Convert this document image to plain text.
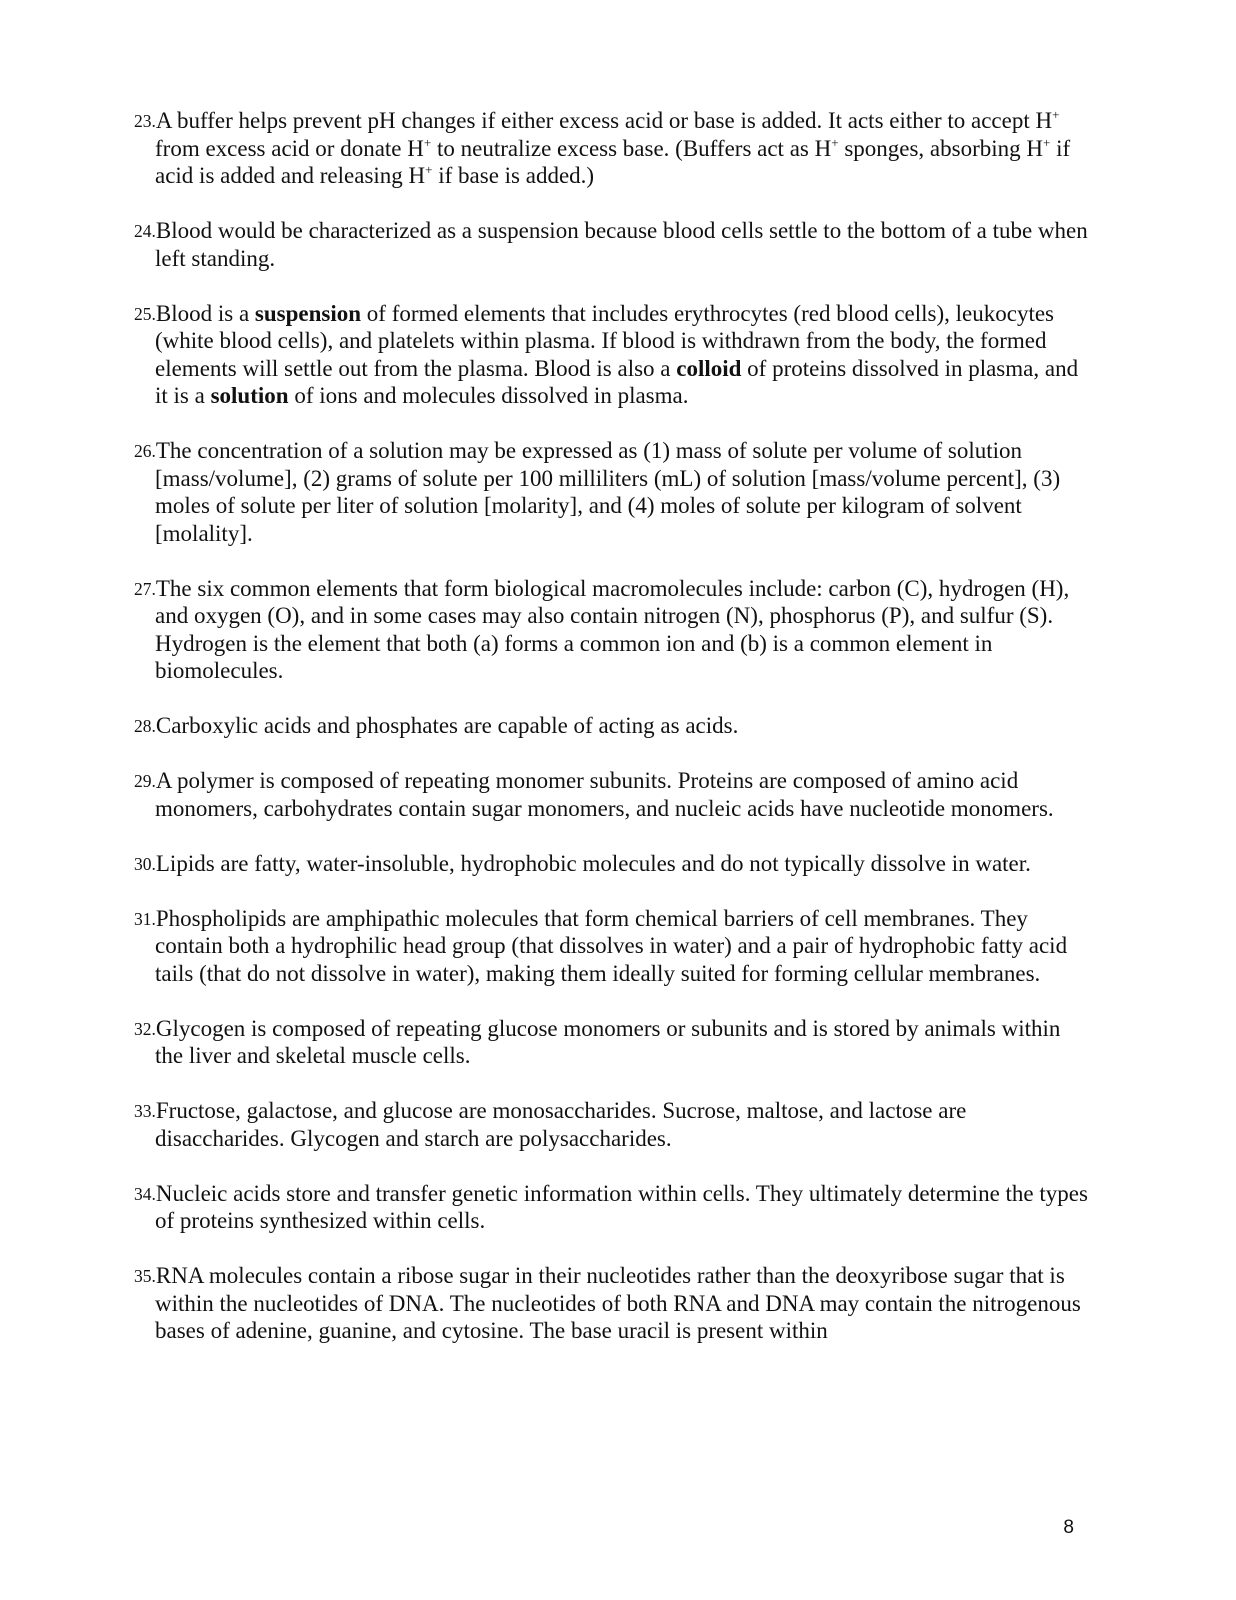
23. A buffer helps prevent pH changes if either excess acid or base is added. It acts either to accept H+ from excess acid or donate H+ to neutralize excess base. (Buffers act as H+ sponges, absorbing H+ if acid is added and releasing H+ if base is added.)
24. Blood would be characterized as a suspension because blood cells settle to the bottom of a tube when left standing.
25. Blood is a suspension of formed elements that includes erythrocytes (red blood cells), leukocytes (white blood cells), and platelets within plasma. If blood is withdrawn from the body, the formed elements will settle out from the plasma. Blood is also a colloid of proteins dissolved in plasma, and it is a solution of ions and molecules dissolved in plasma.
26. The concentration of a solution may be expressed as (1) mass of solute per volume of solution [mass/volume], (2) grams of solute per 100 milliliters (mL) of solution [mass/volume percent], (3) moles of solute per liter of solution [molarity], and (4) moles of solute per kilogram of solvent [molality].
27. The six common elements that form biological macromolecules include: carbon (C), hydrogen (H), and oxygen (O), and in some cases may also contain nitrogen (N), phosphorus (P), and sulfur (S). Hydrogen is the element that both (a) forms a common ion and (b) is a common element in biomolecules.
28. Carboxylic acids and phosphates are capable of acting as acids.
29. A polymer is composed of repeating monomer subunits. Proteins are composed of amino acid monomers, carbohydrates contain sugar monomers, and nucleic acids have nucleotide monomers.
30. Lipids are fatty, water-insoluble, hydrophobic molecules and do not typically dissolve in water.
31. Phospholipids are amphipathic molecules that form chemical barriers of cell membranes. They contain both a hydrophilic head group (that dissolves in water) and a pair of hydrophobic fatty acid tails (that do not dissolve in water), making them ideally suited for forming cellular membranes.
32. Glycogen is composed of repeating glucose monomers or subunits and is stored by animals within the liver and skeletal muscle cells.
33. Fructose, galactose, and glucose are monosaccharides. Sucrose, maltose, and lactose are disaccharides. Glycogen and starch are polysaccharides.
34. Nucleic acids store and transfer genetic information within cells. They ultimately determine the types of proteins synthesized within cells.
35. RNA molecules contain a ribose sugar in their nucleotides rather than the deoxyribose sugar that is within the nucleotides of DNA. The nucleotides of both RNA and DNA may contain the nitrogenous bases of adenine, guanine, and cytosine. The base uracil is present within
8
